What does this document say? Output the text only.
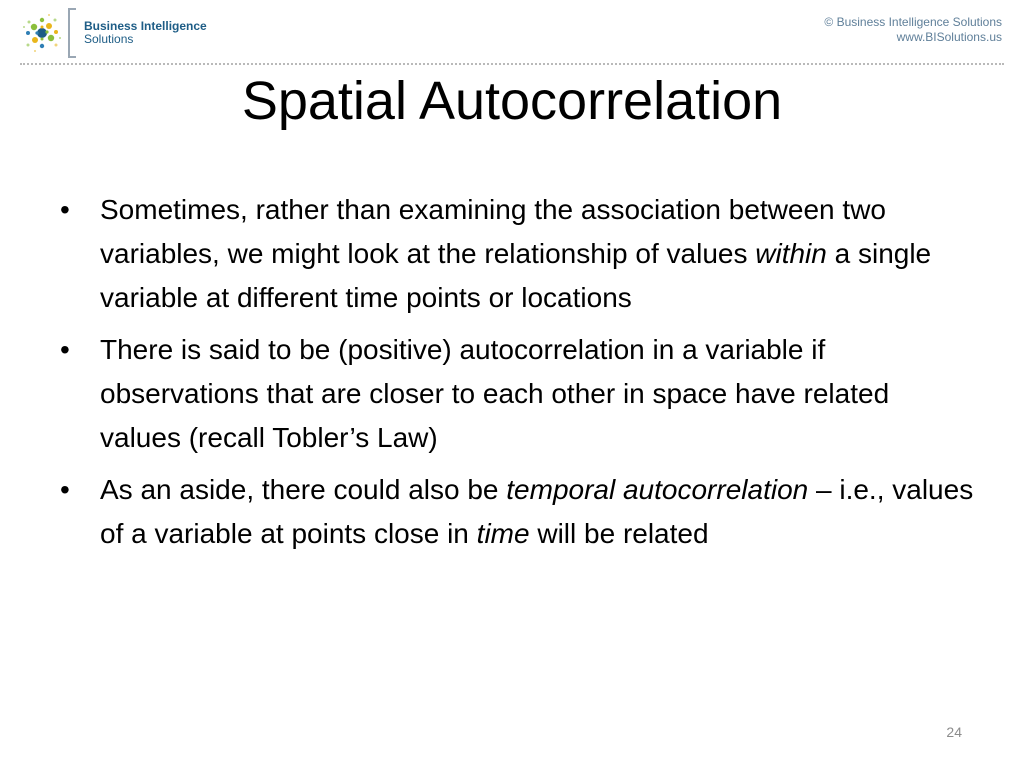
Business Intelligence
Solutions
© Business Intelligence Solutions
www.BISolutions.us
Spatial Autocorrelation
• Sometimes, rather than examining the association between two variables, we might look at the relationship of values within a single variable at different time points or locations
• There is said to be (positive) autocorrelation in a variable if observations that are closer to each other in space have related values (recall Tobler’s Law)
• As an aside, there could also be temporal autocorrelation – i.e., values of a variable at points close in time will be related
24
